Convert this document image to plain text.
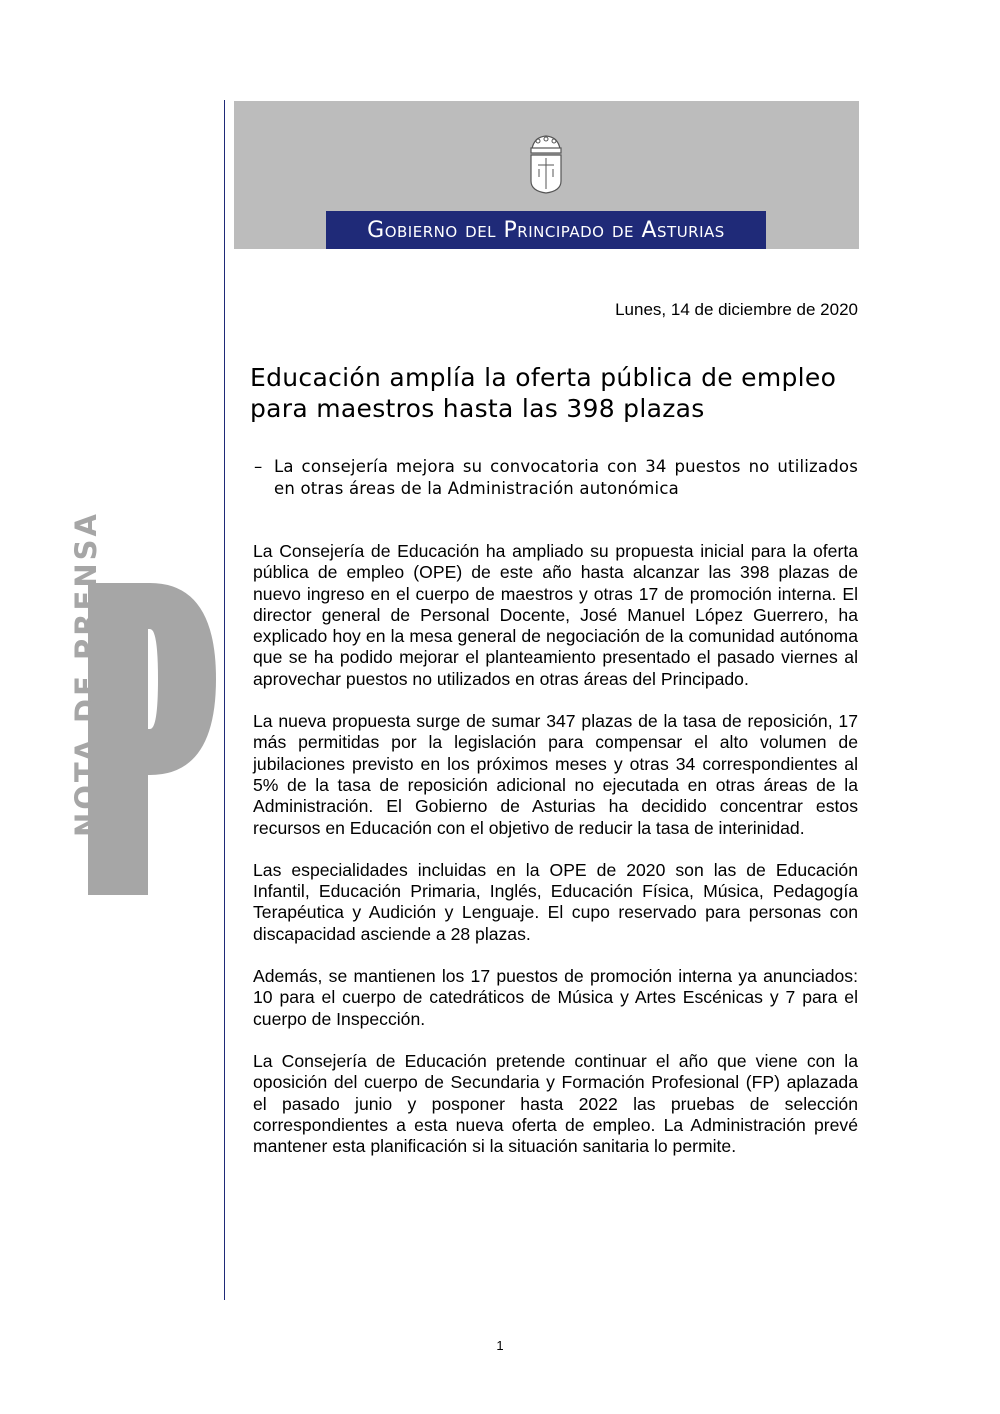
Gobierno del Principado de Asturias
NOTA DE PRENSA
Lunes, 14 de diciembre de 2020
Educación amplía la oferta pública de empleo para maestros hasta las 398 plazas
– La consejería mejora su convocatoria con 34 puestos no utilizados en otras áreas de la Administración autonómica

La Consejería de Educación ha ampliado su propuesta inicial para la oferta pública de empleo (OPE) de este año hasta alcanzar las 398 plazas de nuevo ingreso en el cuerpo de maestros y otras 17 de promoción interna. El director general de Personal Docente, José Manuel López Guerrero, ha explicado hoy en la mesa general de negociación de la comunidad autónoma que se ha podido mejorar el planteamiento presentado el pasado viernes al aprovechar puestos no utilizados en otras áreas del Principado.

La nueva propuesta surge de sumar 347 plazas de la tasa de reposición, 17 más permitidas por la legislación para compensar el alto volumen de jubilaciones previsto en los próximos meses y otras 34 correspondientes al 5% de la tasa de reposición adicional no ejecutada en otras áreas de la Administración. El Gobierno de Asturias ha decidido concentrar estos recursos en Educación con el objetivo de reducir la tasa de interinidad.

Las especialidades incluidas en la OPE de 2020 son las de Educación Infantil, Educación Primaria, Inglés, Educación Física, Música, Pedagogía Terapéutica y Audición y Lenguaje. El cupo reservado para personas con discapacidad asciende a 28 plazas.

Además, se mantienen los 17 puestos de promoción interna ya anunciados: 10 para el cuerpo de catedráticos de Música y Artes Escénicas y 7 para el cuerpo de Inspección.

La Consejería de Educación pretende continuar el año que viene con la oposición del cuerpo de Secundaria y Formación Profesional (FP) aplazada el pasado junio y posponer hasta 2022 las pruebas de selección correspondientes a esta nueva oferta de empleo. La Administración prevé mantener esta planificación si la situación sanitaria lo permite.

1
